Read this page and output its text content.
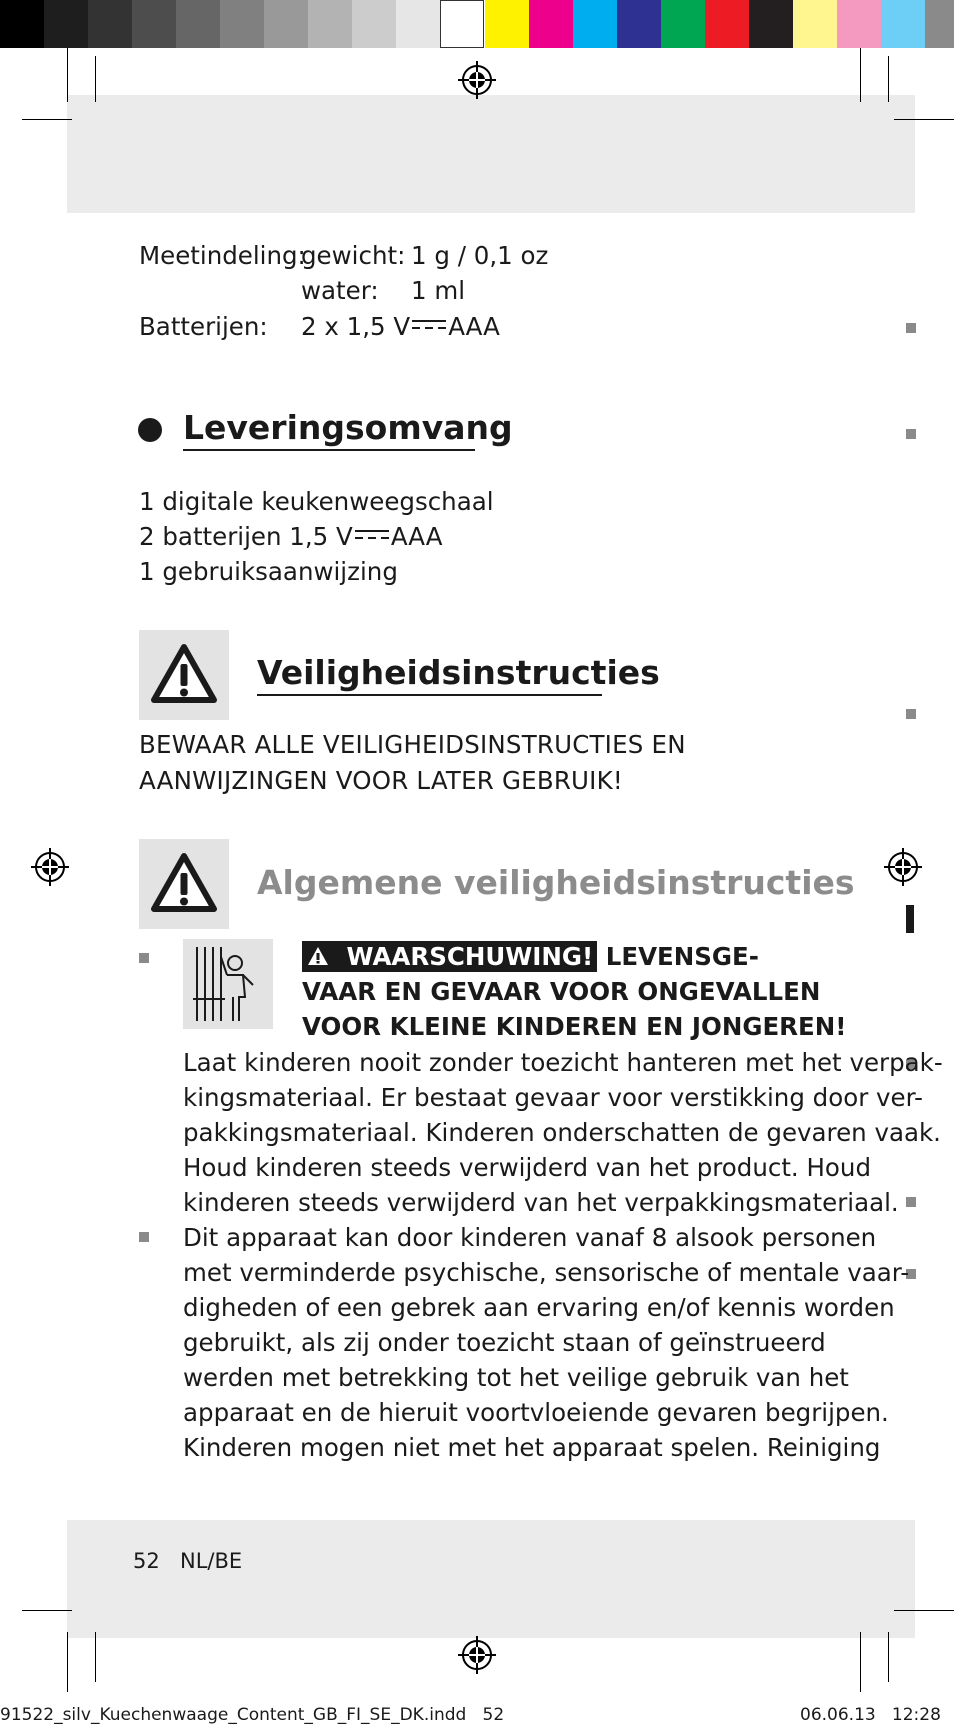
Meetindeling:
gewicht: 1 g / 0,1 oz
water: 1 ml
Batterijen: 2 x 1,5 V AAA
Leveringsomvang
1 digitale keukenweegschaal
2 batterijen 1,5 V AAA
1 gebruiksaanwijzing
Veiligheidsinstructies
BEWAAR ALLE VEILIGHEIDSINSTRUCTIES EN
AANWIJZINGEN VOOR LATER GEBRUIK!
Algemene veiligheidsinstructies
WAARSCHUWING! LEVENSGE-
VAAR EN GEVAAR VOOR ONGEVALLEN
VOOR KLEINE KINDEREN EN JONGEREN!
Laat kinderen nooit zonder toezicht hanteren met het verpak-
kingsmateriaal. Er bestaat gevaar voor verstikking door ver-
pakkingsmateriaal. Kinderen onderschatten de gevaren vaak.
Houd kinderen steeds verwijderd van het product. Houd
kinderen steeds verwijderd van het verpakkingsmateriaal.
Dit apparaat kan door kinderen vanaf 8 alsook personen
met verminderde psychische, sensorische of mentale vaar-
digheden of een gebrek aan ervaring en/of kennis worden
gebruikt, als zij onder toezicht staan of geïnstrueerd
werden met betrekking tot het veilige gebruik van het
apparaat en de hieruit voortvloeiende gevaren begrijpen.
Kinderen mogen niet met het apparaat spelen. Reiniging
52 NL/BE
91522_silv_Kuechenwaage_Content_GB_FI_SE_DK.indd   52	06.06.13   12:28
